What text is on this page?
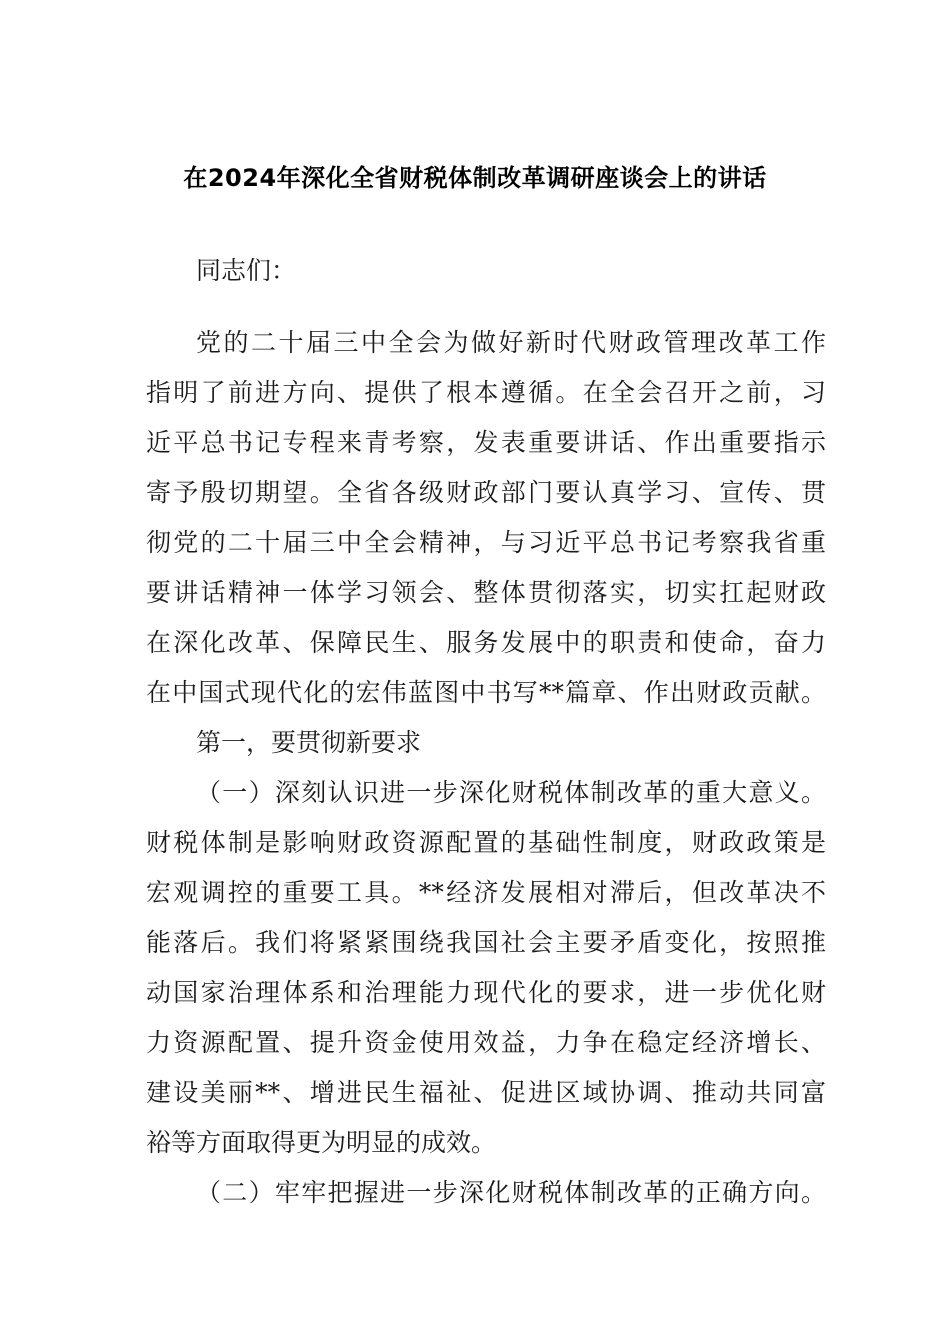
在2024年深化全省财税体制改革调研座谈会上的讲话
同志们：
党的二十届三中全会为做好新时代财政管理改革工作
指明了前进方向、提供了根本遵循。在全会召开之前，习
近平总书记专程来青考察，发表重要讲话、作出重要指示
寄予殷切期望。全省各级财政部门要认真学习、宣传、贯
彻党的二十届三中全会精神，与习近平总书记考察我省重
要讲话精神一体学习领会、整体贯彻落实，切实扛起财政
在深化改革、保障民生、服务发展中的职责和使命，奋力
在中国式现代化的宏伟蓝图中书写**篇章、作出财政贡献。
第一，要贯彻新要求
（一）深刻认识进一步深化财税体制改革的重大意义。
财税体制是影响财政资源配置的基础性制度，财政政策是
宏观调控的重要工具。**经济发展相对滞后，但改革决不
能落后。我们将紧紧围绕我国社会主要矛盾变化，按照推
动国家治理体系和治理能力现代化的要求，进一步优化财
力资源配置、提升资金使用效益，力争在稳定经济增长、
建设美丽**、增进民生福祉、促进区域协调、推动共同富
裕等方面取得更为明显的成效。
（二）牢牢把握进一步深化财税体制改革的正确方向。
